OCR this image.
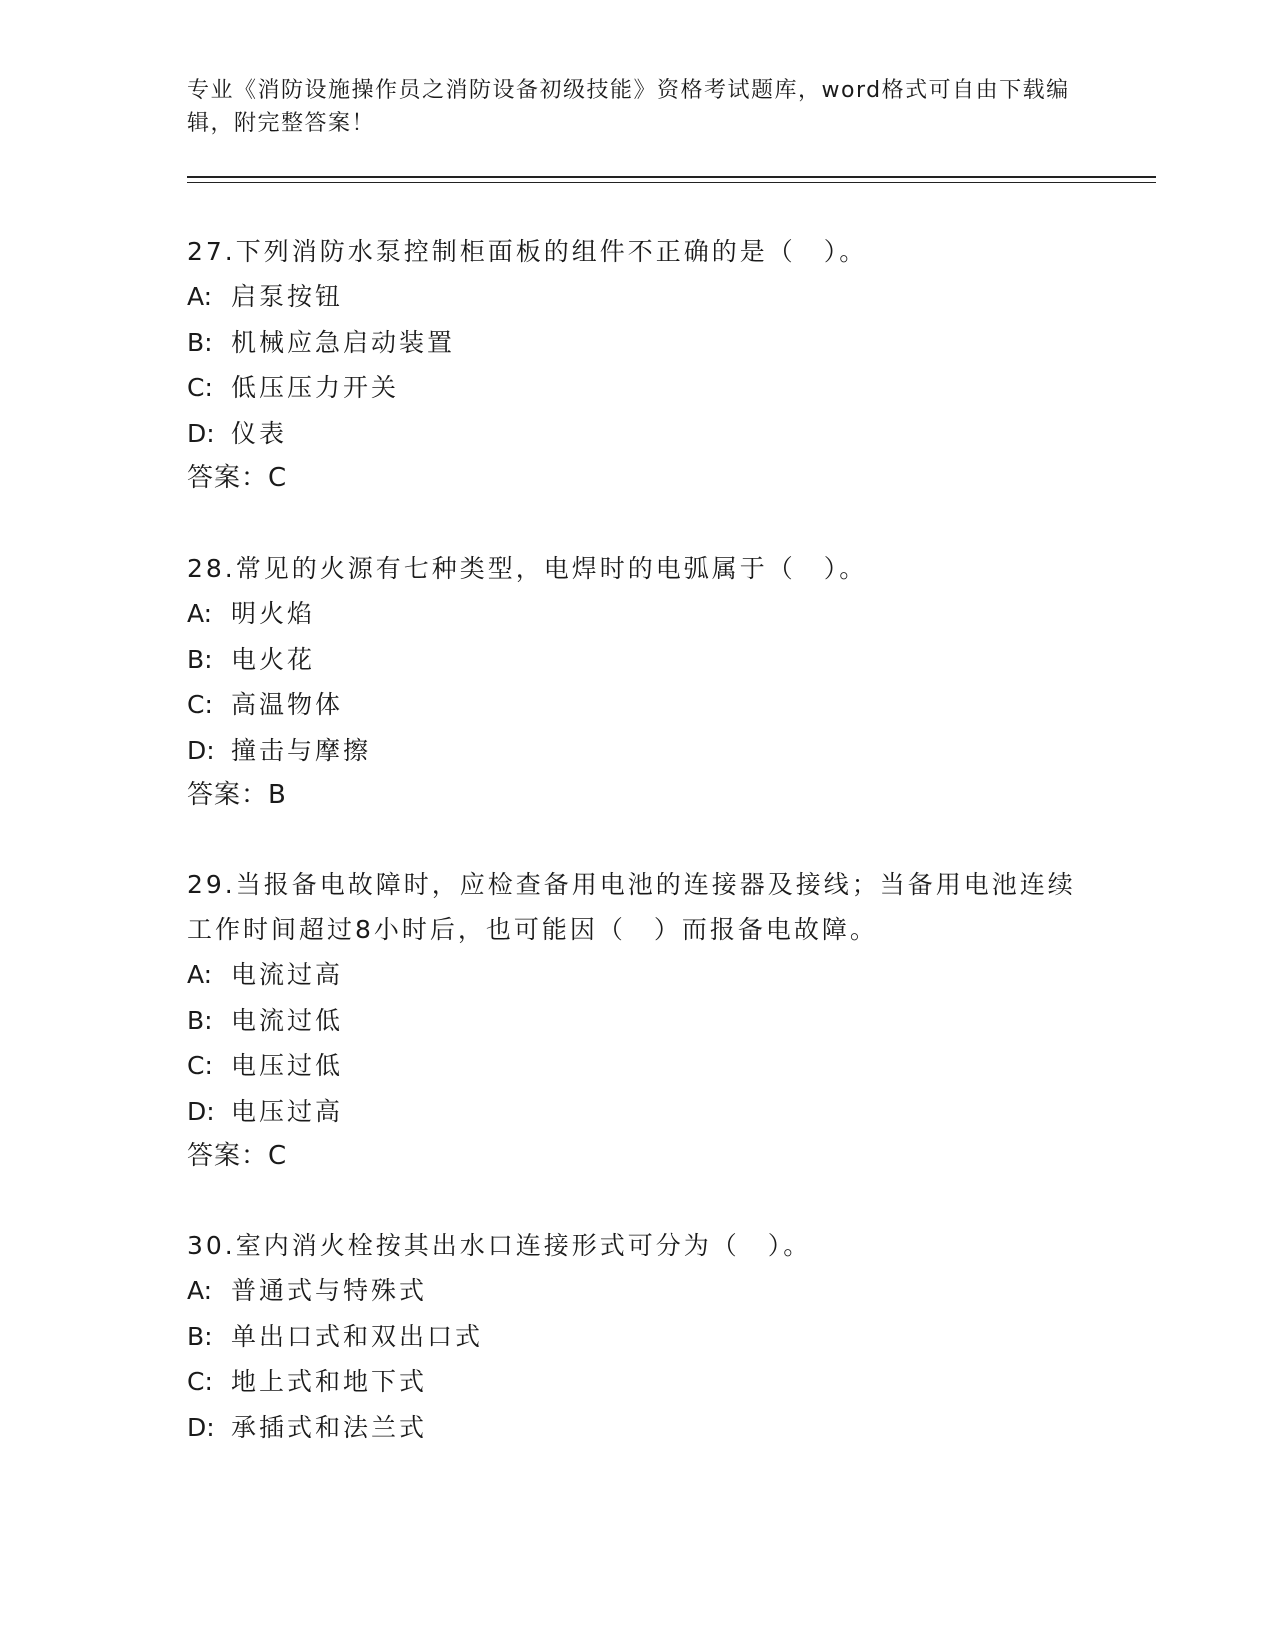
专业《消防设施操作员之消防设备初级技能》资格考试题库，word格式可自由下载编辑，附完整答案！

27.下列消防水泵控制柜面板的组件不正确的是（　）。

A: 启泵按钮

B: 机械应急启动装置

C: 低压压力开关

D: 仪表

答案：C

28.常见的火源有七种类型，电焊时的电弧属于（　）。

A: 明火焰

B: 电火花

C: 高温物体

D: 撞击与摩擦

答案：B

29.当报备电故障时，应检查备用电池的连接器及接线；当备用电池连续工作时间超过8小时后，也可能因（　）而报备电故障。

A: 电流过高

B: 电流过低

C: 电压过低

D: 电压过高

答案：C

30.室内消火栓按其出水口连接形式可分为（　）。

A: 普通式与特殊式

B: 单出口式和双出口式

C: 地上式和地下式

D: 承插式和法兰式
